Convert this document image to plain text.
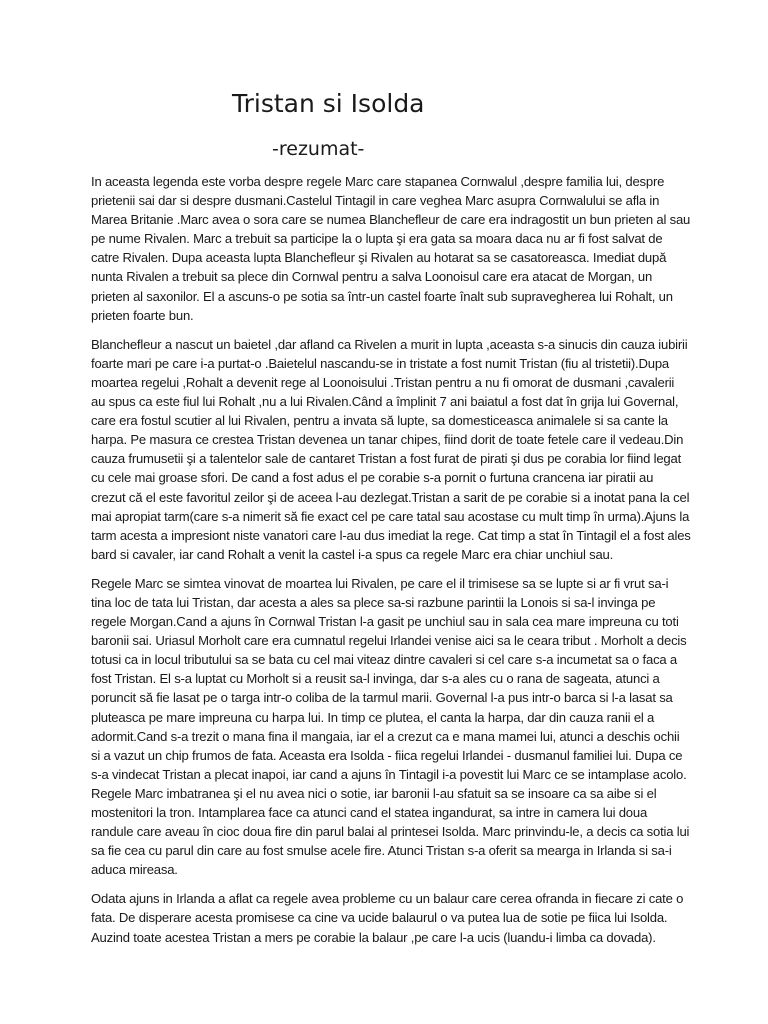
Tristan si Isolda
-rezumat-

In aceasta legenda este vorba despre regele Marc care stapanea Cornwalul ,despre familia lui, despre prietenii sai dar si despre dusmani.Castelul Tintagil in care veghea Marc asupra Cornwalului se afla in Marea Britanie .Marc avea o sora care se numea Blanchefleur de care era indragostit un bun prieten al sau pe nume Rivalen. Marc a trebuit sa participe la o lupta şi era gata sa moara daca nu ar fi fost salvat de catre Rivalen. Dupa aceasta lupta Blanchefleur şi Rivalen au hotarat sa se casatoreasca. Imediat după nunta Rivalen a trebuit sa plece din Cornwal pentru a salva Loonoisul care era atacat de Morgan, un prieten al saxonilor. El a ascuns-o pe sotia sa într-un castel foarte înalt sub supravegherea lui Rohalt, un prieten foarte bun.

Blanchefleur a nascut un baietel ,dar afland ca Rivelen a murit in lupta ,aceasta s-a sinucis din cauza iubirii foarte mari pe care i-a purtat-o .Baietelul nascandu-se in tristate a fost numit Tristan (fiu al tristetii).Dupa moartea regelui ,Rohalt a devenit rege al Loonoisului .Tristan pentru a nu fi omorat de dusmani ,cavalerii au spus ca este fiul lui Rohalt ,nu a lui Rivalen.Când a împlinit 7 ani baiatul a fost dat în grija lui Governal, care era fostul scutier al lui Rivalen, pentru a invata să lupte, sa domesticeasca animalele si sa cante la harpa. Pe masura ce crestea Tristan devenea un tanar chipes, fiind dorit de toate fetele care il vedeau.Din cauza frumusetii şi a talentelor sale de cantaret Tristan a fost furat de pirati şi dus pe corabia lor fiind legat cu cele mai groase sfori. De cand a fost adus el pe corabie s-a pornit o furtuna crancena iar piratii au crezut că el este favoritul zeilor şi de aceea l-au dezlegat.Tristan a sarit de pe corabie si a inotat pana la cel mai apropiat tarm(care s-a nimerit să fie exact cel pe care tatal sau acostase cu mult timp în urma).Ajuns la tarm acesta a impresiont niste vanatori care l-au dus imediat la rege. Cat timp a stat în Tintagil el a fost ales bard si cavaler, iar cand Rohalt a venit la castel i-a spus ca regele Marc era chiar unchiul sau.

Regele Marc se simtea vinovat de moartea lui Rivalen, pe care el il trimisese sa se lupte si ar fi vrut sa-i tina loc de tata lui Tristan, dar acesta a ales sa plece sa-si razbune parintii la Lonois si sa-l invinga pe regele Morgan.Cand a ajuns în Cornwal Tristan l-a gasit pe unchiul sau in sala cea mare impreuna cu toti baronii sai. Uriasul Morholt care era cumnatul regelui Irlandei venise aici sa le ceara tribut . Morholt a decis totusi ca in locul tributului sa se bata cu cel mai viteaz dintre cavaleri si cel care s-a incumetat sa o faca a fost Tristan. El s-a luptat cu Morholt si a reusit sa-l invinga, dar s-a ales cu o rana de sageata, atunci a poruncit să fie lasat pe o targa intr-o coliba de la tarmul marii. Governal l-a pus intr-o barca si l-a lasat sa pluteasca pe mare impreuna cu harpa lui. In timp ce plutea, el canta la harpa, dar din cauza ranii el a adormit.Cand s-a trezit o mana fina il mangaia, iar el a crezut ca e mana mamei lui, atunci a deschis ochii si a vazut un chip frumos de fata. Aceasta era Isolda - fiica regelui Irlandei - dusmanul familiei lui. Dupa ce s-a vindecat Tristan a plecat inapoi, iar cand a ajuns în Tintagil i-a povestit lui Marc ce se intamplase acolo. Regele Marc imbatranea şi el nu avea nici o sotie, iar baronii l-au sfatuit sa se insoare ca sa aibe si el mostenitori la tron. Intamplarea face ca atunci cand el statea ingandurat, sa intre in camera lui doua randule care aveau în cioc doua fire din parul balai al printesei Isolda. Marc prinvindu-le, a decis ca sotia lui sa fie cea cu parul din care au fost smulse acele fire. Atunci Tristan s-a oferit sa mearga in Irlanda si sa-i aduca mireasa.

Odata ajuns in Irlanda a aflat ca regele avea probleme cu un balaur care cerea ofranda in fiecare zi cate o fata. De disperare acesta promisese ca cine va ucide balaurul o va putea lua de sotie pe fiica lui Isolda. Auzind toate acestea Tristan a mers pe corabie la balaur ,pe care l-a ucis (luandu-i limba ca dovada).
